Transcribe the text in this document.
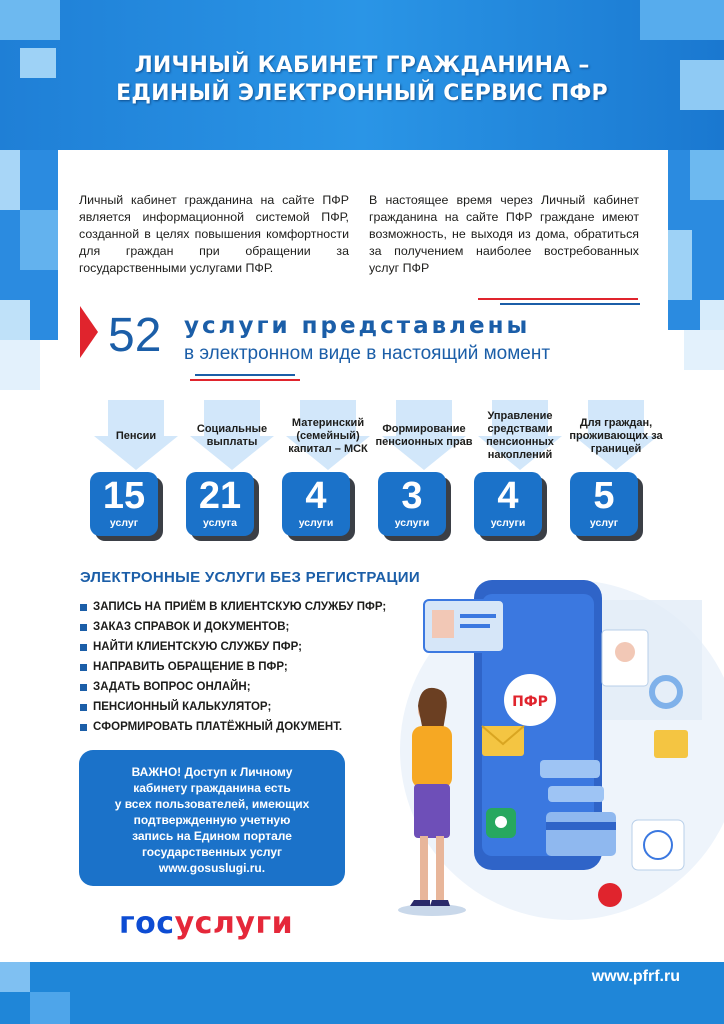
ЛИЧНЫЙ КАБИНЕТ ГРАЖДАНИНА –
ЕДИНЫЙ ЭЛЕКТРОННЫЙ СЕРВИС ПФР

Личный кабинет гражданина на сайте ПФР является информационной системой ПФР, созданной в целях повышения комфортности для граждан при обращении за государственными услугами ПФР.

В настоящее время через Личный кабинет гражданина на сайте ПФР граждане имеют возможность, не выходя из дома, обратиться за получением наиболее востребованных услуг ПФР

52 услуги представлены
в электронном виде в настоящий момент
Пенсии
15
услуг
Социальные выплаты
21
услуга
Материнский (семейный) капитал – МСК
4
услуги
Формирование пенсионных прав
3
услуги
Управление средствами пенсионных накоплений
4
услуги
Для граждан, проживающих за границей
5
услуг
ЭЛЕКТРОННЫЕ УСЛУГИ БЕЗ РЕГИСТРАЦИИ
ЗАПИСЬ НА ПРИЁМ В КЛИЕНТСКУЮ СЛУЖБУ ПФР;
ЗАКАЗ СПРАВОК И ДОКУМЕНТОВ;
НАЙТИ КЛИЕНТСКУЮ СЛУЖБУ ПФР;
НАПРАВИТЬ ОБРАЩЕНИЕ В ПФР;
ЗАДАТЬ ВОПРОС ОНЛАЙН;
ПЕНСИОННЫЙ КАЛЬКУЛЯТОР;
СФОРМИРОВАТЬ ПЛАТЁЖНЫЙ ДОКУМЕНТ.
ВАЖНО! Доступ к Личному
кабинету гражданина есть
у всех пользователей, имеющих
подтвержденную учетную
запись на Едином портале
государственных услуг
www.gosuslugi.ru.
госуслуги
ПФР
www.pfrf.ru
